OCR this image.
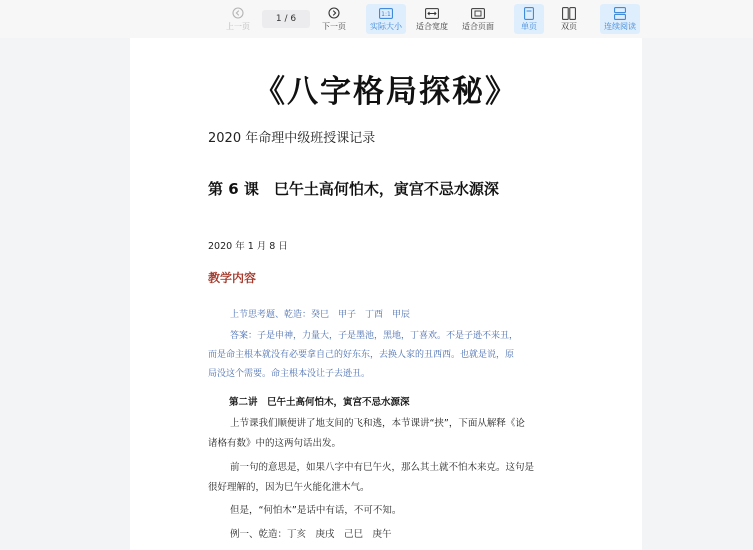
上一页
1 / 6
下一页
1:1
实际大小 适合宽度 适合页面	单页	双页	连续阅读
《八字格局探秘》
2020 年命理中级班授课记录
第 6 课　巳午土高何怕木，寅宫不忌水源深
2020 年 1 月 8 日
教学内容
上节思考题、乾造：癸巳　甲子　丁酉　甲辰
答案：子是申神，力量大，子是墨池，黑地，丁喜欢。不是子逊不来丑，
而是命主根本就没有必要拿自己的好东东，去换人家的丑西西。也就是说，原
局没这个需要。命主根本没让子去逊丑。
第二讲　巳午土高何怕木，寅宫不忌水源深
上节课我们顺便讲了地支间的飞和逃，本节课讲“挟”，下面从解释《论
诸格有数》中的这两句话出发。
前一句的意思是，如果八字中有巳午火，那么其土就不怕木来克。这句是
很好理解的，因为巳午火能化泄木气。
但是，“何怕木”是话中有话，不可不知。
例一、乾造：丁亥　庚戌　己巳　庚午
